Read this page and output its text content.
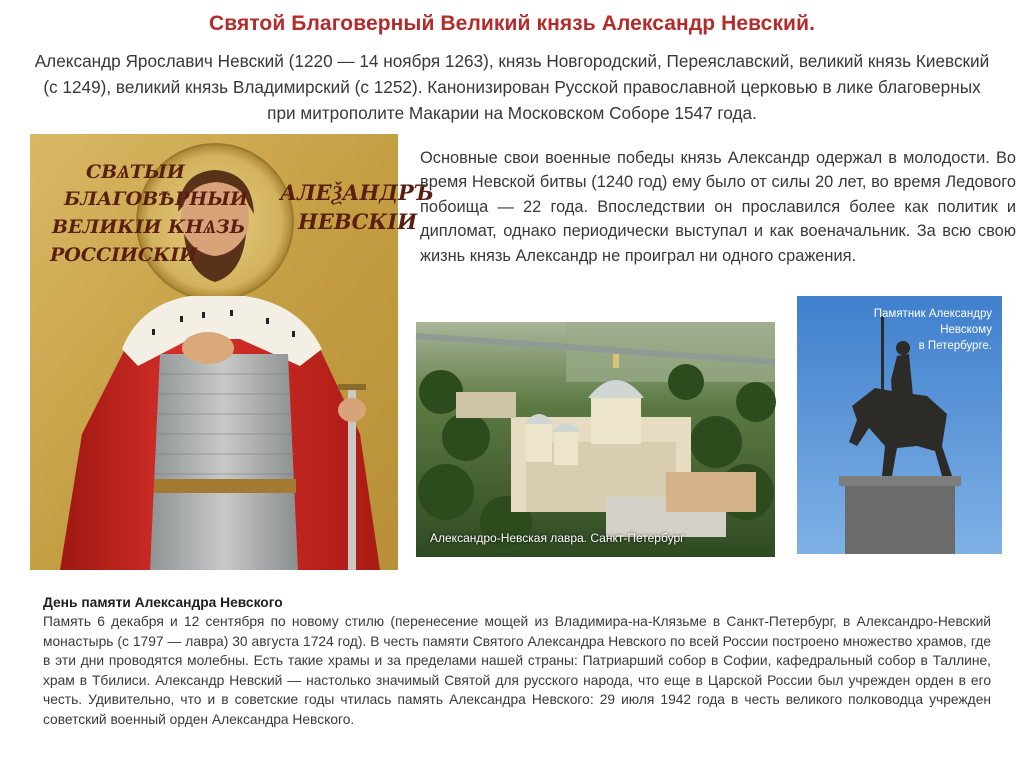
Святой Благоверный Великий князь Александр Невский.
Александр Ярославич Невский (1220 — 14 ноября 1263), князь Новгородский, Переяславский, великий князь Киевский (с 1249), великий князь Владимирский (с 1252). Канонизирован Русской православной церковью в лике благоверных при митрополите Макарии на Московском Соборе 1547 года.
СВѦТЫИ
БЛАГОВѢРНЫИ
ВЕЛИКІИ КНѦЗЬ
РОССІИСКІИ
АЛЕѮАНДРЪ
НЕВСКІИ
Основные свои военные победы князь Александр одержал в молодости. Во время Невской битвы (1240 год) ему было от силы 20 лет, во время Ледового побоища — 22 года. Впоследствии он прославился более как политик и дипломат, однако периодически выступал и как военачальник. За всю свою жизнь князь Александр не проиграл ни одного сражения.
Александро-Невская лавра. Санкт-Петербург
Памятник Александру
Невскому
в Петербурге.
День памяти Александра Невского
Память 6 декабря и 12 сентября по новому стилю (перенесение мощей из Владимира-на-Клязьме в Санкт-Петербург, в Александро-Невский монастырь (с 1797 — лавра) 30 августа 1724 год). В честь памяти Святого Александра Невского по всей России построено множество храмов, где в эти дни проводятся молебны. Есть такие храмы и за пределами нашей страны: Патриарший собор в Софии, кафедральный собор в Таллине, храм в Тбилиси. Александр Невский — настолько значимый Святой для русского народа, что еще в Царской России был учрежден орден в его честь. Удивительно, что и в советские годы чтилась память Александра Невского: 29 июля 1942 года в честь великого полководца учрежден советский военный орден Александра Невского.
